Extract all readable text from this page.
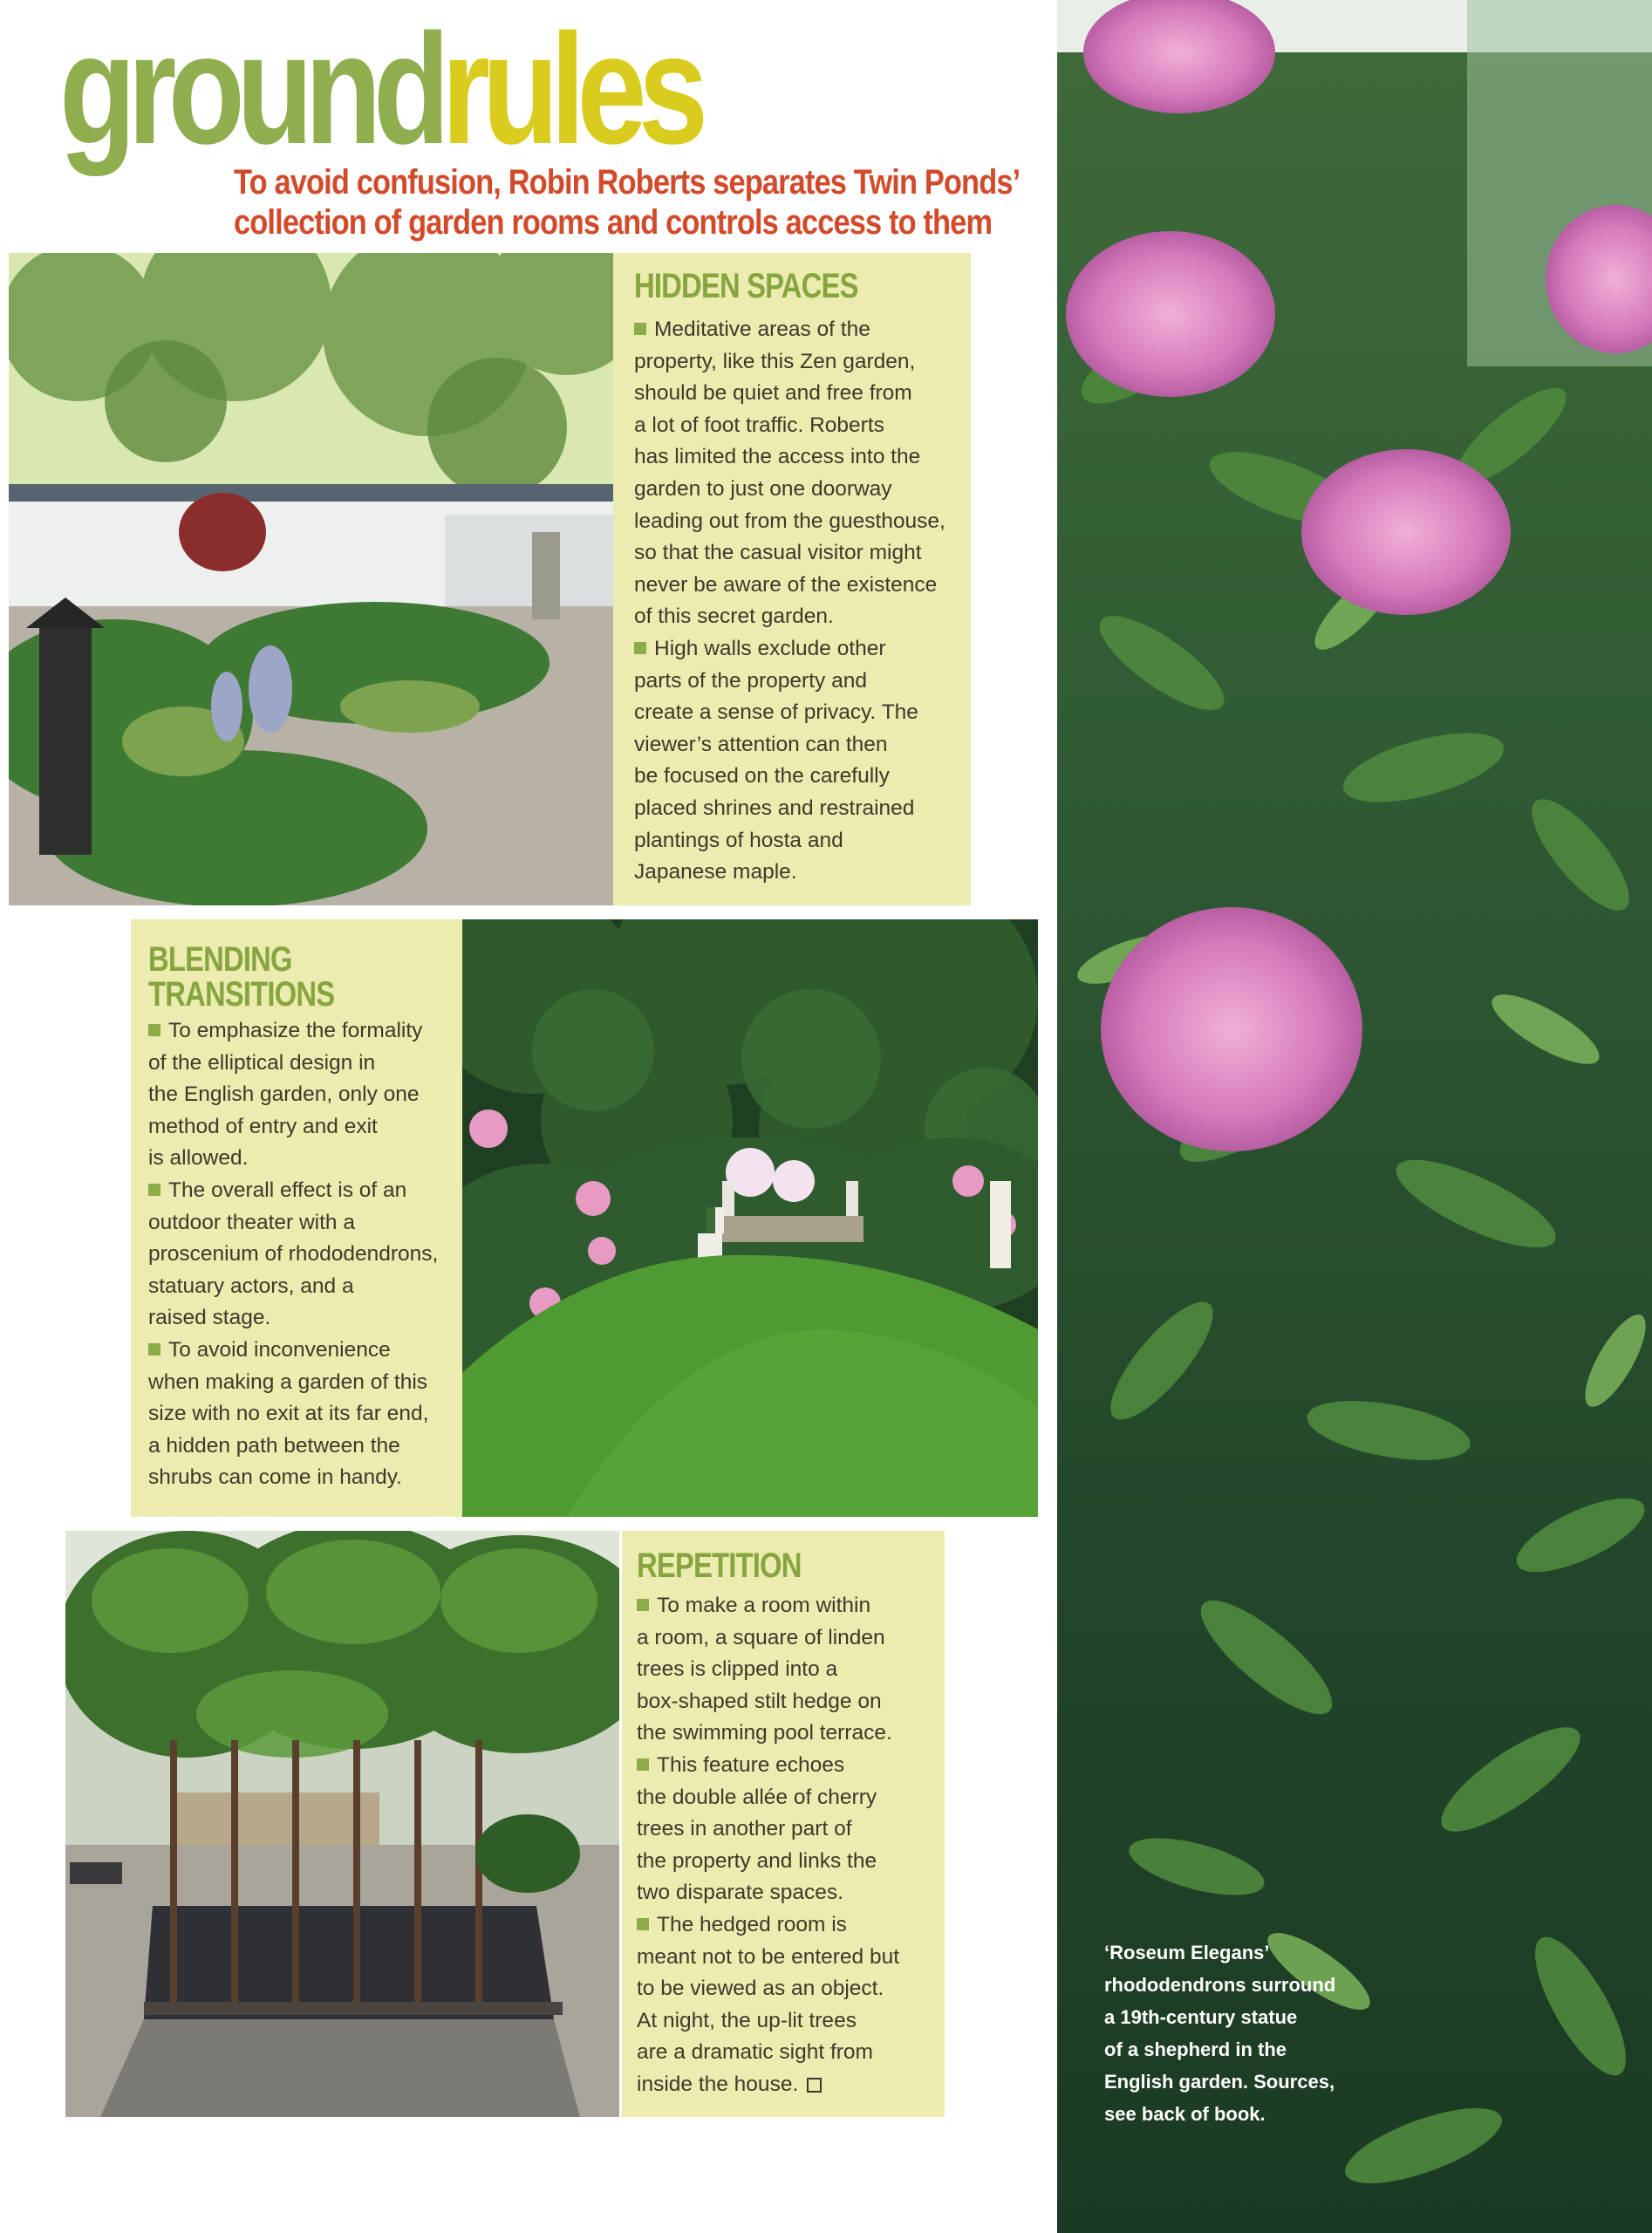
groundrules
To avoid confusion, Robin Roberts separates Twin Ponds’
collection of garden rooms and controls access to them
HIDDEN SPACES

Meditative areas of the
property, like this Zen garden,
should be quiet and free from
a lot of foot traffic. Roberts
has limited the access into the
garden to just one doorway
leading out from the guesthouse,
so that the casual visitor might
never be aware of the existence
of this secret garden.
High walls exclude other
parts of the property and
create a sense of privacy. The
viewer’s attention can then
be focused on the carefully
placed shrines and restrained
plantings of hosta and
Japanese maple.

BLENDING
TRANSITIONS

To emphasize the formality
of the elliptical design in
the English garden, only one
method of entry and exit
is allowed.
The overall effect is of an
outdoor theater with a
proscenium of rhododendrons,
statuary actors, and a
raised stage.
To avoid inconvenience
when making a garden of this
size with no exit at its far end,
a hidden path between the
shrubs can come in handy.

REPETITION

To make a room within
a room, a square of linden
trees is clipped into a
box-shaped stilt hedge on
the swimming pool terrace.
This feature echoes
the double allée of cherry
trees in another part of
the property and links the
two disparate spaces.
The hedged room is
meant not to be entered but
to be viewed as an object.
At night, the up-lit trees
are a dramatic sight from
inside the house.

‘Roseum Elegans’
rhododendrons surround
a 19th-century statue
of a shepherd in the
English garden. Sources,
see back of book.
